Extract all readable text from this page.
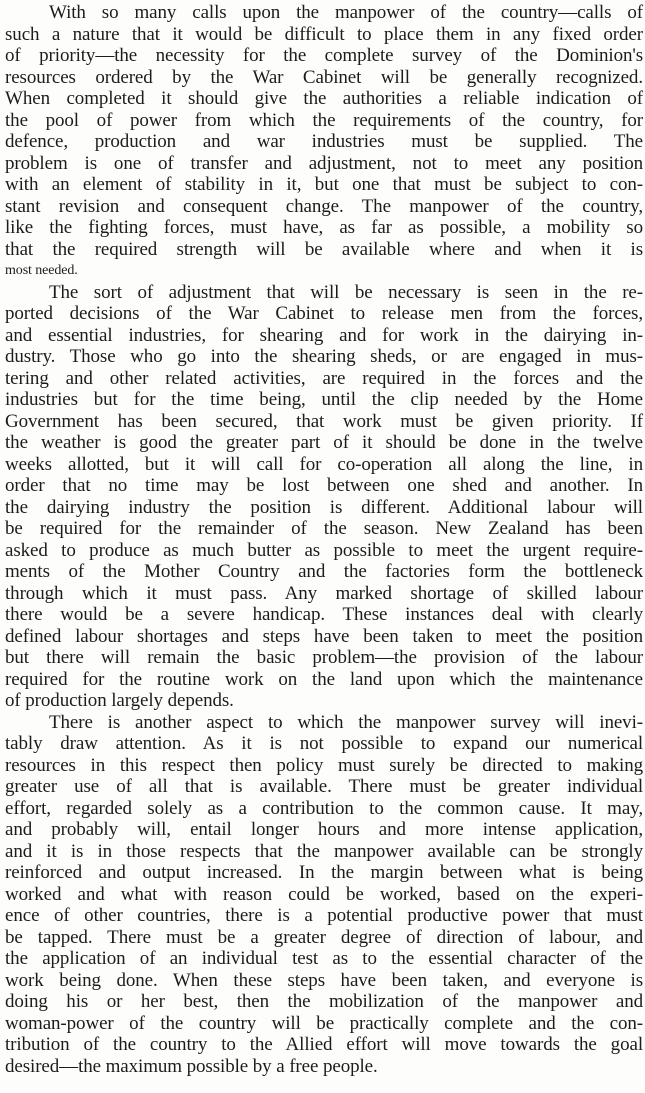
With so many calls upon the manpower of the country—calls of
such a nature that it would be difficult to place them in any fixed order
of priority—the necessity for the complete survey of the Dominion's
resources ordered by the War Cabinet will be generally recognized.
When completed it should give the authorities a reliable indication of
the pool of power from which the requirements of the country, for
defence, production and war industries must be supplied. The
problem is one of transfer and adjustment, not to meet any position
with an element of stability in it, but one that must be subject to con-
stant revision and consequent change. The manpower of the country,
like the fighting forces, must have, as far as possible, a mobility so
that the required strength will be available where and when it is
most needed.
The sort of adjustment that will be necessary is seen in the re-
ported decisions of the War Cabinet to release men from the forces,
and essential industries, for shearing and for work in the dairying in-
dustry. Those who go into the shearing sheds, or are engaged in mus-
tering and other related activities, are required in the forces and the
industries but for the time being, until the clip needed by the Home
Government has been secured, that work must be given priority. If
the weather is good the greater part of it should be done in the twelve
weeks allotted, but it will call for co-operation all along the line, in
order that no time may be lost between one shed and another. In
the dairying industry the position is different. Additional labour will
be required for the remainder of the season. New Zealand has been
asked to produce as much butter as possible to meet the urgent require-
ments of the Mother Country and the factories form the bottleneck
through which it must pass. Any marked shortage of skilled labour
there would be a severe handicap. These instances deal with clearly
defined labour shortages and steps have been taken to meet the position
but there will remain the basic problem—the provision of the labour
required for the routine work on the land upon which the maintenance
of production largely depends.
There is another aspect to which the manpower survey will inevi-
tably draw attention. As it is not possible to expand our numerical
resources in this respect then policy must surely be directed to making
greater use of all that is available. There must be greater individual
effort, regarded solely as a contribution to the common cause. It may,
and probably will, entail longer hours and more intense application,
and it is in those respects that the manpower available can be strongly
reinforced and output increased. In the margin between what is being
worked and what with reason could be worked, based on the experi-
ence of other countries, there is a potential productive power that must
be tapped. There must be a greater degree of direction of labour, and
the application of an individual test as to the essential character of the
work being done. When these steps have been taken, and everyone is
doing his or her best, then the mobilization of the manpower and
woman-power of the country will be practically complete and the con-
tribution of the country to the Allied effort will move towards the goal
desired—the maximum possible by a free people.
